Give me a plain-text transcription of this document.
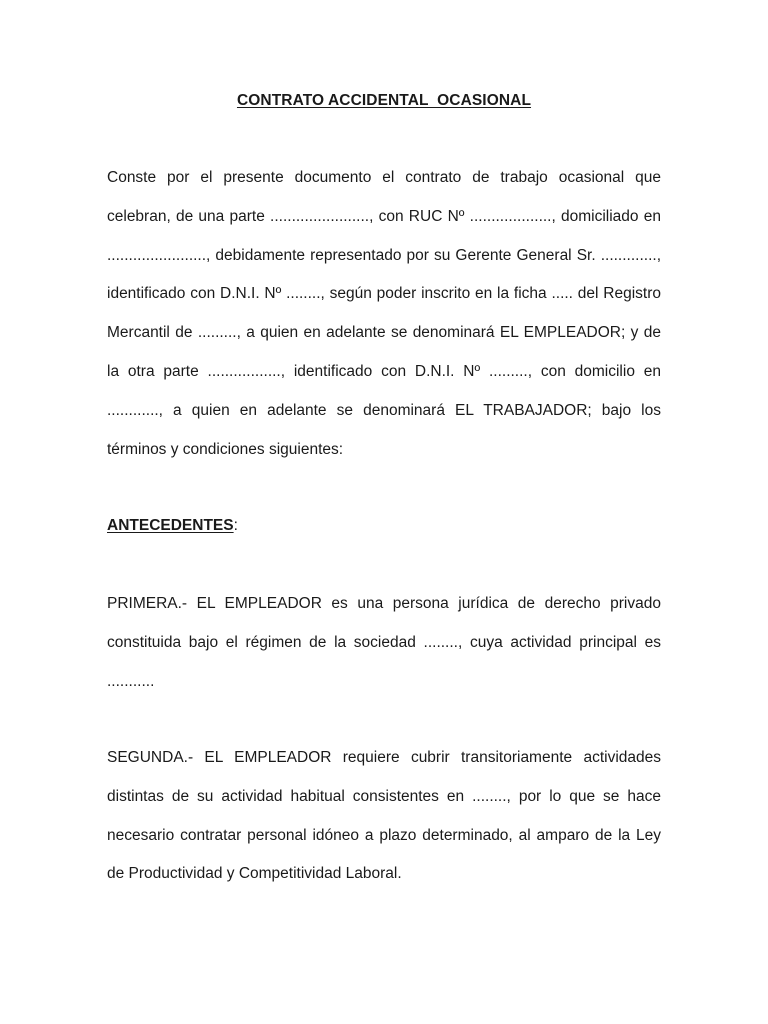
CONTRATO ACCIDENTAL  OCASIONAL

Conste por el presente documento el contrato de trabajo ocasional que celebran, de una parte ......................., con RUC Nº ..................., domiciliado en ......................., debidamente representado por su Gerente General Sr. ............., identificado con D.N.I. Nº ........, según poder inscrito en la ficha ..... del Registro Mercantil de ........., a quien en adelante se denominará EL EMPLEADOR; y de la otra parte ................., identificado con D.N.I. Nº ........., con domicilio en ............, a quien en adelante se denominará EL TRABAJADOR; bajo los términos y condiciones siguientes:

ANTECEDENTES:

PRIMERA.- EL EMPLEADOR es una persona jurídica de derecho privado constituida bajo el régimen de la sociedad ........, cuya actividad principal es ...........

SEGUNDA.- EL EMPLEADOR requiere cubrir transitoriamente actividades distintas de su actividad habitual consistentes en ........, por lo que se hace necesario contratar personal idóneo a plazo determinado, al amparo de la Ley de Productividad y Competitividad Laboral.
